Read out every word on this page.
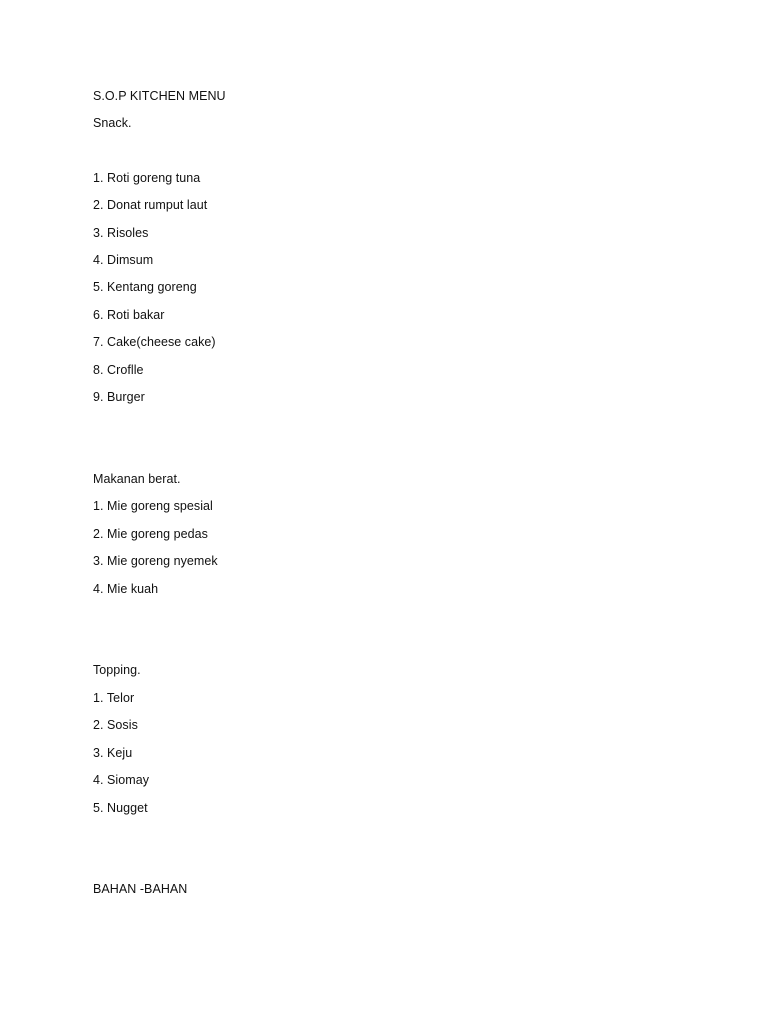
S.O.P KITCHEN MENU
Snack.
1. Roti goreng tuna
2. Donat rumput laut
3. Risoles
4. Dimsum
5. Kentang goreng
6. Roti bakar
7. Cake(cheese cake)
8. Croflle
9. Burger
Makanan berat.
1. Mie goreng spesial
2. Mie goreng pedas
3. Mie goreng nyemek
4. Mie kuah
Topping.
1. Telor
2. Sosis
3. Keju
4. Siomay
5. Nugget
BAHAN -BAHAN
